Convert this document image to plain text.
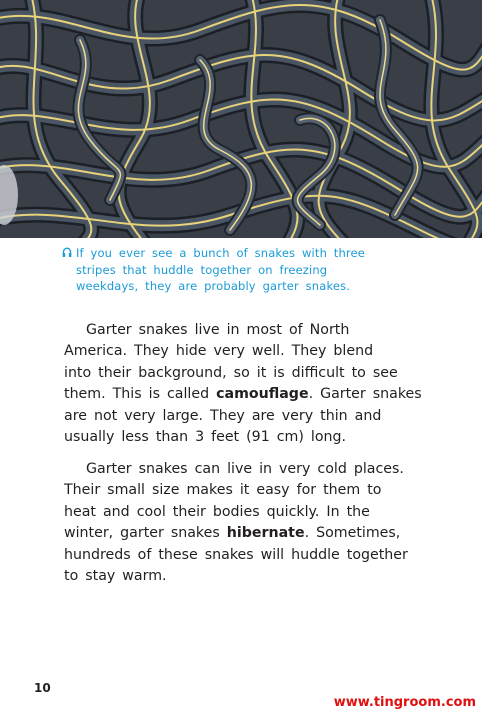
If you ever see a bunch of snakes with three
stripes that huddle together on freezing
weekdays, they are probably garter snakes.
Garter snakes live in most of North
America. They hide very well. They blend
into their background, so it is difficult to see
them. This is called camouflage. Garter snakes
are not very large. They are very thin and
usually less than 3 feet (91 cm) long.
Garter snakes can live in very cold places.
Their small size makes it easy for them to
heat and cool their bodies quickly. In the
winter, garter snakes hibernate. Sometimes,
hundreds of these snakes will huddle together
to stay warm.
10
www.tingroom.com
